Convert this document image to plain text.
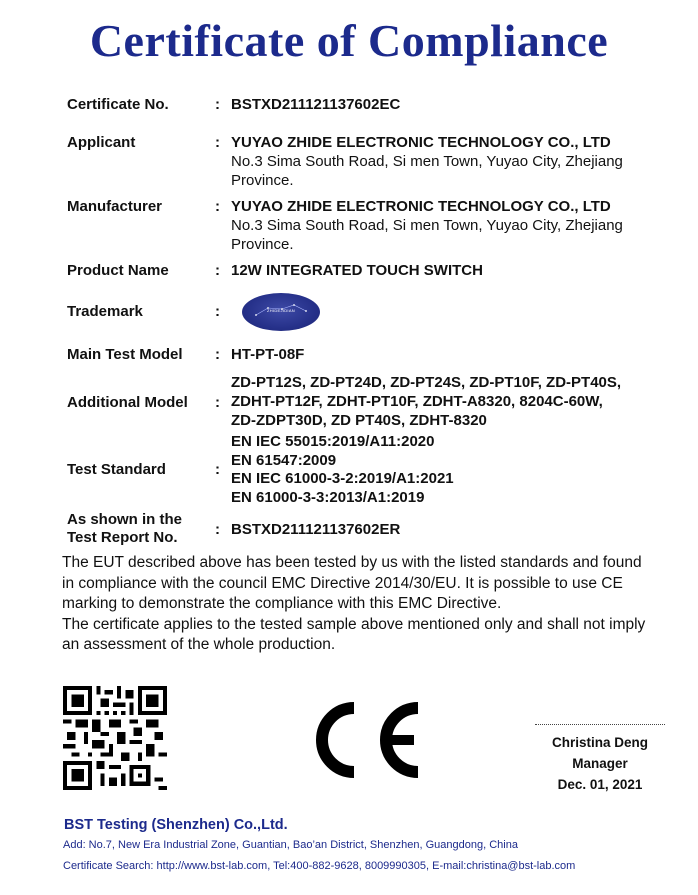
Certificate of Compliance
Certificate No.	: BSTXD211121137602EC
Applicant	: YUYAO ZHIDE ELECTRONIC TECHNOLOGY CO., LTD
No.3 Sima South Road, Si men Town, Yuyao City, Zhejiang
Province.
Manufacturer	: YUYAO ZHIDE ELECTRONIC TECHNOLOGY CO., LTD
No.3 Sima South Road, Si men Town, Yuyao City, Zhejiang
Province.
Product Name	: 12W INTEGRATED TOUCH SWITCH
Trademark	:	ZHIDEJIDIAN
Main Test Model	: HT-PT-08F
Additional Model	:
ZD-PT12S, ZD-PT24D, ZD-PT24S, ZD-PT10F, ZD-PT40S,
ZDHT-PT12F, ZDHT-PT10F, ZDHT-A8320, 8204C-60W,
ZD-ZDPT30D, ZD PT40S, ZDHT-8320
Test Standard	:
EN IEC 55015:2019/A11:2020
EN 61547:2009
EN IEC 61000-3-2:2019/A1:2021
EN 61000-3-3:2013/A1:2019
As shown in the
Test Report No.	: BSTXD211121137602ER
The EUT described above has been tested by us with the listed standards and found
in compliance with the council EMC Directive 2014/30/EU. It is possible to use CE
marking to demonstrate the compliance with this EMC Directive.
The certificate applies to the tested sample above mentioned only and shall not imply
an assessment of the whole production.
Christina Deng
Manager
Dec. 01, 2021
BST Testing (Shenzhen) Co.,Ltd.
Add: No.7, New Era Industrial Zone, Guantian, Bao’an District, Shenzhen, Guangdong, China
Certificate Search: http://www.bst-lab.com, Tel:400-882-9628, 8009990305, E-mail:christina@bst-lab.com
